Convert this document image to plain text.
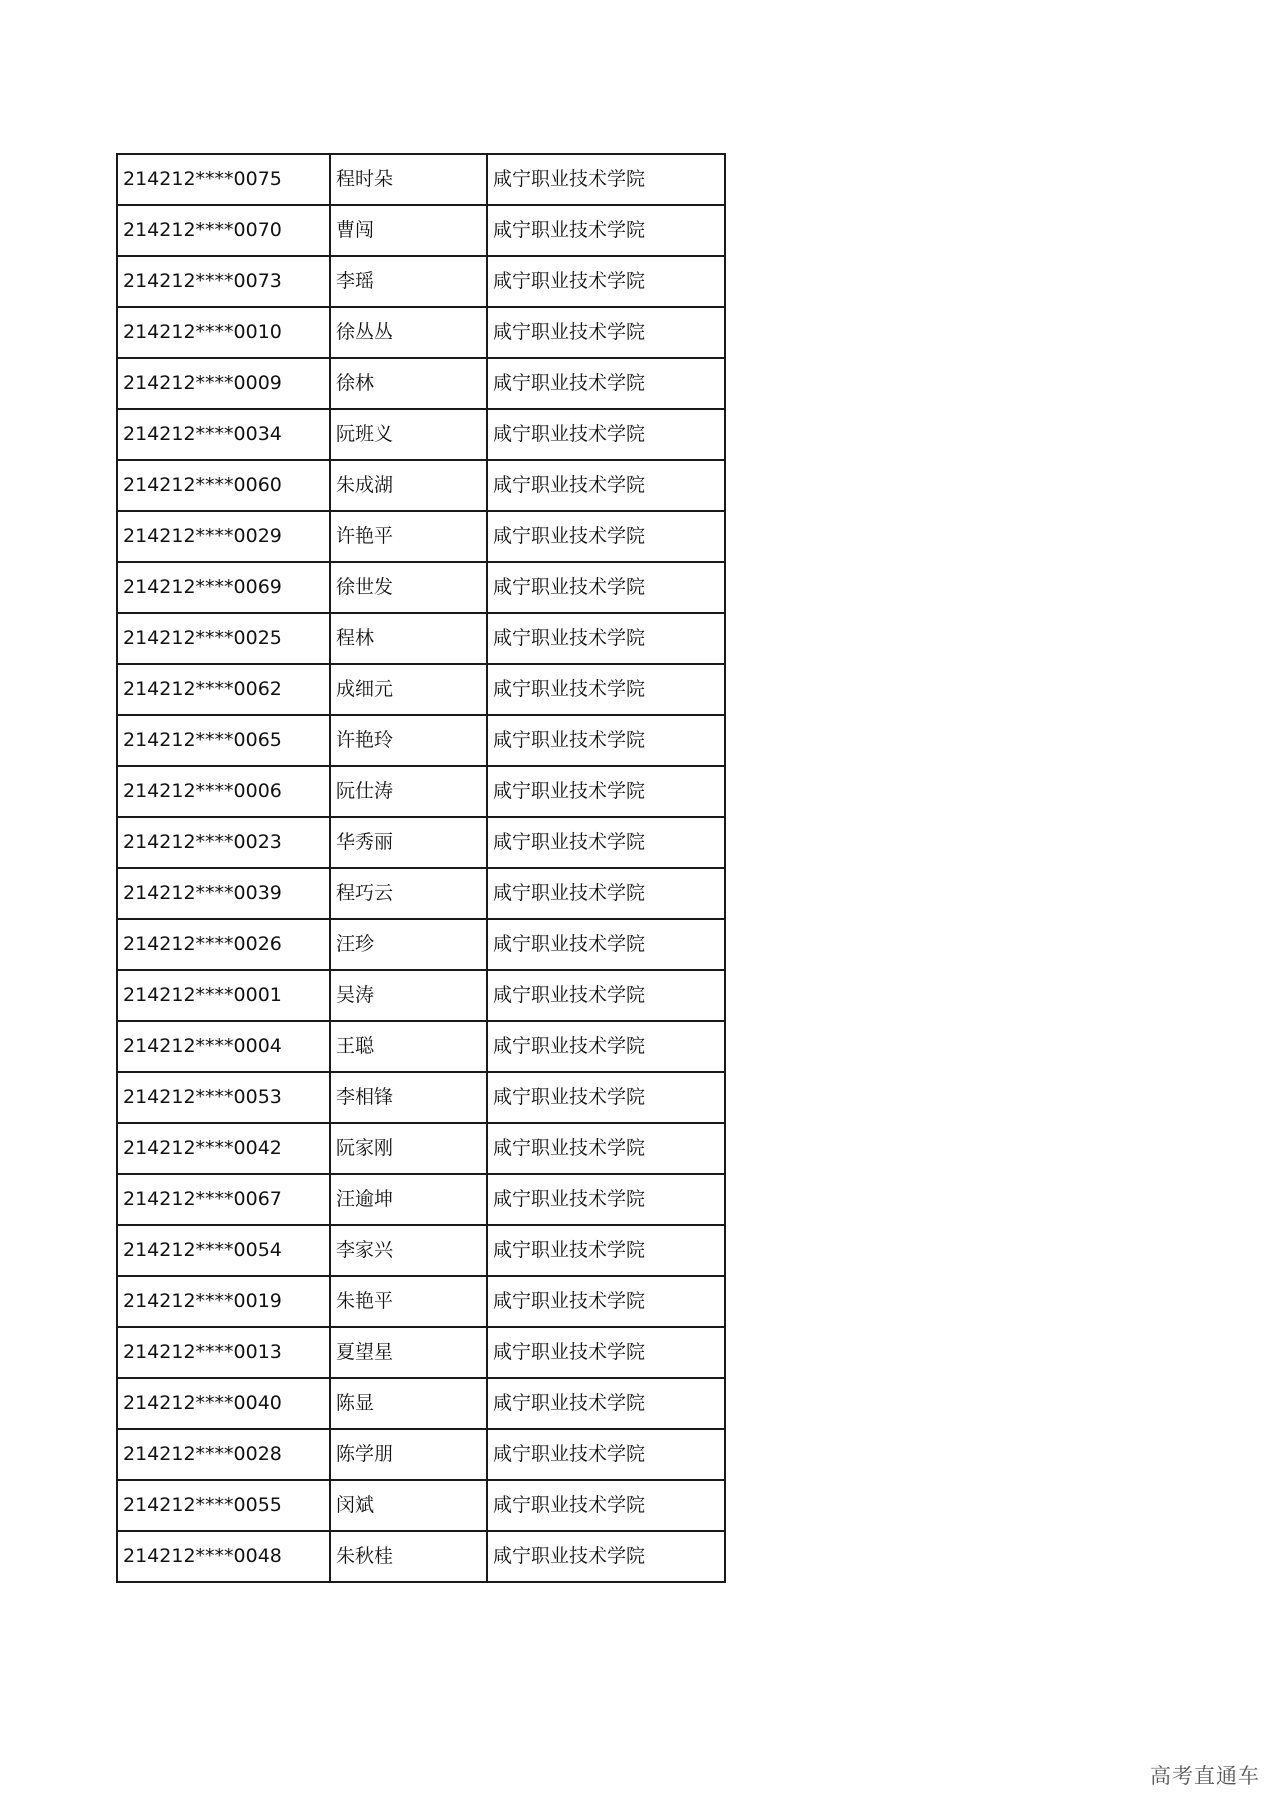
214212****0075	程时朵	咸宁职业技术学院
214212****0070	曹闯	咸宁职业技术学院
214212****0073	李瑶	咸宁职业技术学院
214212****0010	徐丛丛	咸宁职业技术学院
214212****0009	徐林	咸宁职业技术学院
214212****0034	阮班义	咸宁职业技术学院
214212****0060	朱成湖	咸宁职业技术学院
214212****0029	许艳平	咸宁职业技术学院
214212****0069	徐世发	咸宁职业技术学院
214212****0025	程林	咸宁职业技术学院
214212****0062	成细元	咸宁职业技术学院
214212****0065	许艳玲	咸宁职业技术学院
214212****0006	阮仕涛	咸宁职业技术学院
214212****0023	华秀丽	咸宁职业技术学院
214212****0039	程巧云	咸宁职业技术学院
214212****0026	汪珍	咸宁职业技术学院
214212****0001	吴涛	咸宁职业技术学院
214212****0004	王聪	咸宁职业技术学院
214212****0053	李相锋	咸宁职业技术学院
214212****0042	阮家刚	咸宁职业技术学院
214212****0067	汪逾坤	咸宁职业技术学院
214212****0054	李家兴	咸宁职业技术学院
214212****0019	朱艳平	咸宁职业技术学院
214212****0013	夏望星	咸宁职业技术学院
214212****0040	陈显	咸宁职业技术学院
214212****0028	陈学朋	咸宁职业技术学院
214212****0055	闵斌	咸宁职业技术学院
214212****0048	朱秋桂	咸宁职业技术学院
高考直通车
